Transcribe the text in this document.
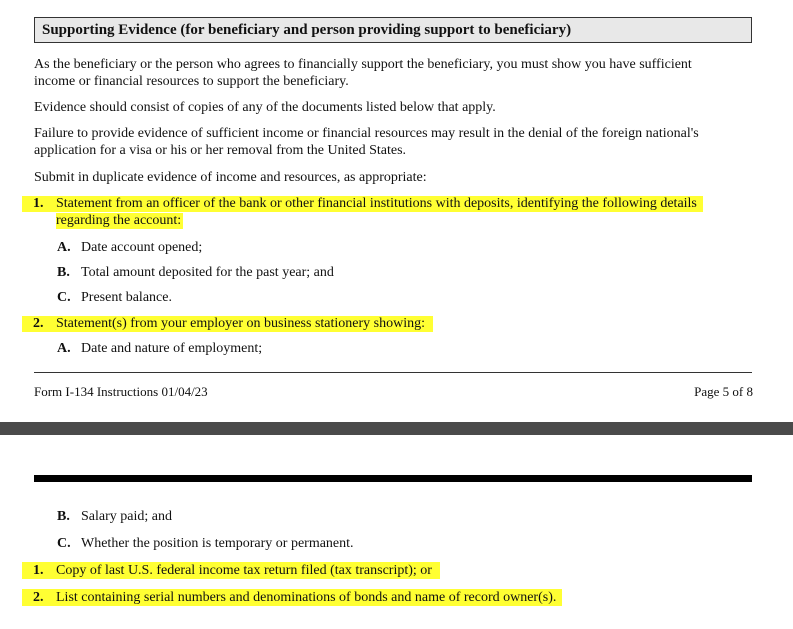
Supporting Evidence (for beneficiary and person providing support to beneficiary)
As the beneficiary or the person who agrees to financially support the beneficiary, you must show you have sufficient
income or financial resources to support the beneficiary.
Evidence should consist of copies of any of the documents listed below that apply.
Failure to provide evidence of sufficient income or financial resources may result in the denial of the foreign national's
application for a visa or his or her removal from the United States.
Submit in duplicate evidence of income and resources, as appropriate:
1. Statement from an officer of the bank or other financial institutions with deposits, identifying the following details
regarding the account:
A. Date account opened;
B. Total amount deposited for the past year; and
C. Present balance.
2. Statement(s) from your employer on business stationery showing:
A. Date and nature of employment;
Form I-134 Instructions 01/04/23	Page 5 of 8
B. Salary paid; and
C. Whether the position is temporary or permanent.
1. Copy of last U.S. federal income tax return filed (tax transcript); or
2. List containing serial numbers and denominations of bonds and name of record owner(s).
